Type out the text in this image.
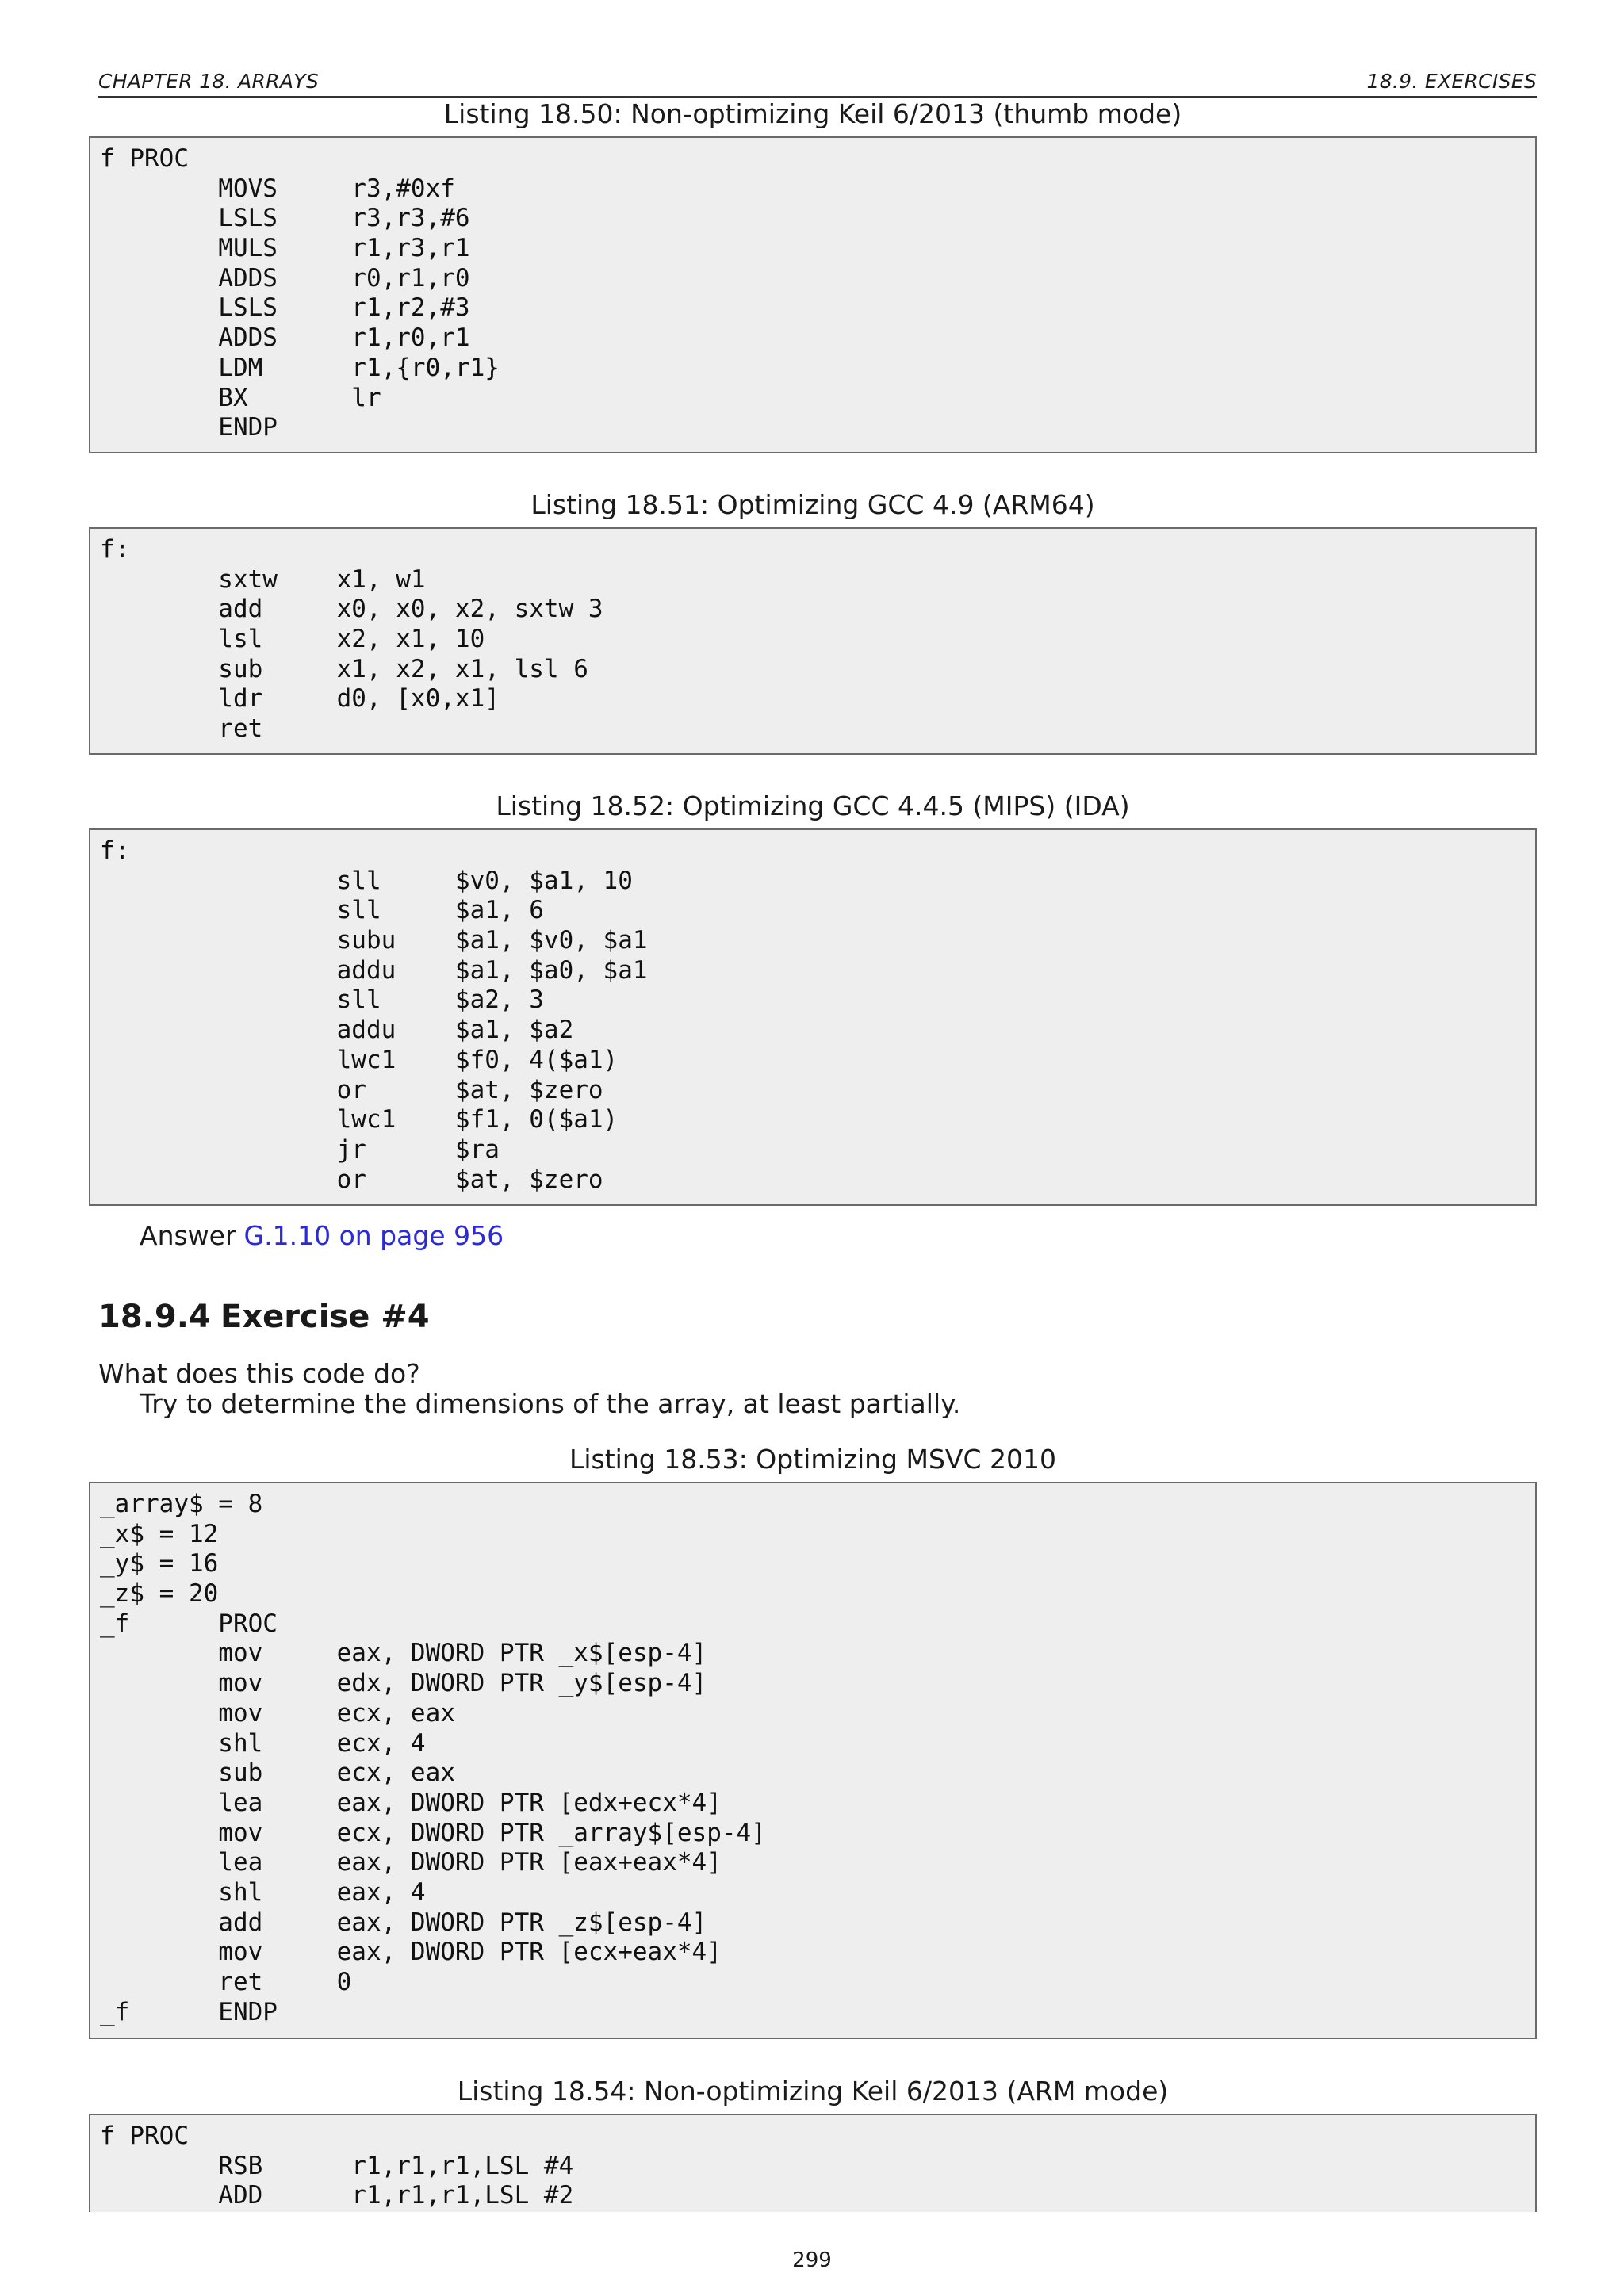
CHAPTER 18. ARRAYS	18.9. EXERCISES
Listing 18.50: Non-optimizing Keil 6/2013 (thumb mode)
f PROC
MOVS     r3,#0xf
LSLS     r3,r3,#6
MULS     r1,r3,r1
ADDS     r0,r1,r0
LSLS     r1,r2,#3
ADDS     r1,r0,r1
LDM      r1,{r0,r1}
BX       lr
ENDP
Listing 18.51: Optimizing GCC 4.9 (ARM64)
f:
sxtw    x1, w1
add     x0, x0, x2, sxtw 3
lsl     x2, x1, 10
sub     x1, x2, x1, lsl 6
ldr     d0, [x0,x1]
ret
Listing 18.52: Optimizing GCC 4.4.5 (MIPS) (IDA)
f:
sll     $v0, $a1, 10
sll     $a1, 6
subu    $a1, $v0, $a1
addu    $a1, $a0, $a1
sll     $a2, 3
addu    $a1, $a2
lwc1    $f0, 4($a1)
or      $at, $zero
lwc1    $f1, 0($a1)
jr      $ra
or      $at, $zero
Answer G.1.10 on page 956
18.9.4 Exercise #4
What does this code do?
Try to determine the dimensions of the array, at least partially.
Listing 18.53: Optimizing MSVC 2010
_array$ = 8
_x$ = 12
_y$ = 16
_z$ = 20
_f      PROC
mov     eax, DWORD PTR _x$[esp-4]
mov     edx, DWORD PTR _y$[esp-4]
mov     ecx, eax
shl     ecx, 4
sub     ecx, eax
lea     eax, DWORD PTR [edx+ecx*4]
mov     ecx, DWORD PTR _array$[esp-4]
lea     eax, DWORD PTR [eax+eax*4]
shl     eax, 4
add     eax, DWORD PTR _z$[esp-4]
mov     eax, DWORD PTR [ecx+eax*4]
ret     0
_f      ENDP
Listing 18.54: Non-optimizing Keil 6/2013 (ARM mode)
f PROC
RSB      r1,r1,r1,LSL #4
ADD      r1,r1,r1,LSL #2
299
